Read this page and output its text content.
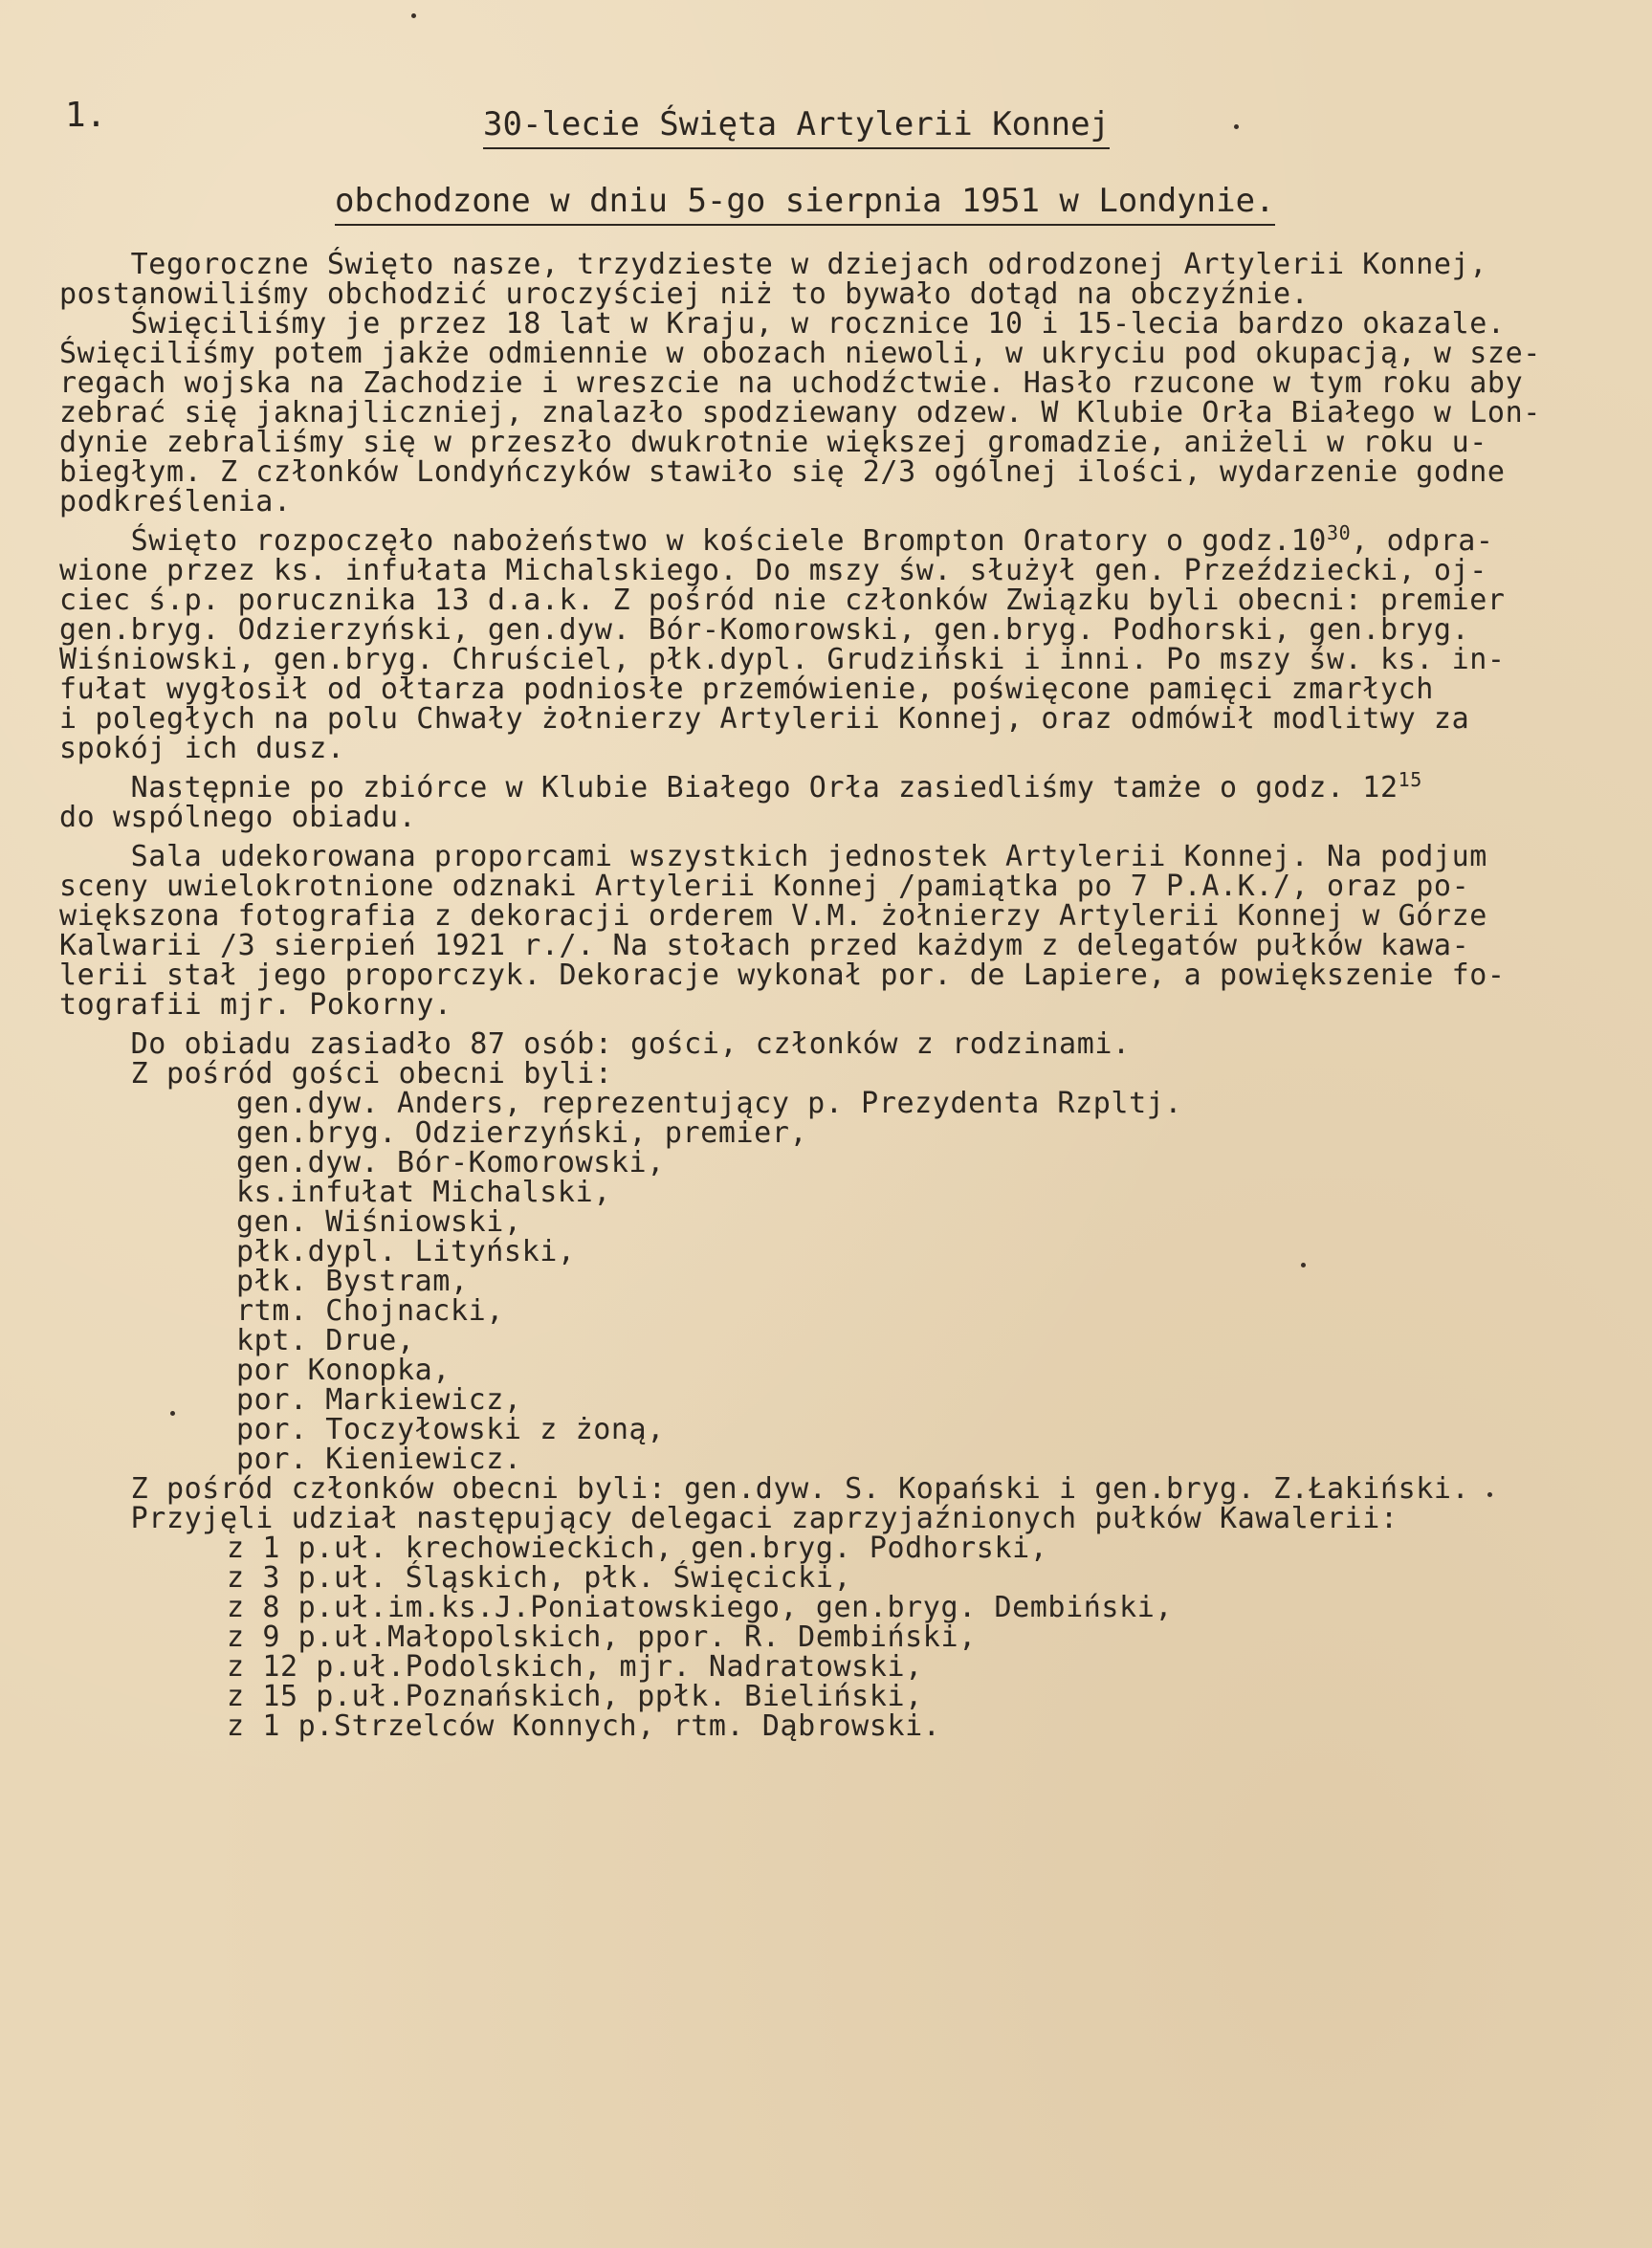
1.	30-lecie Święta Artylerii Konnej
obchodzone w dniu 5-go sierpnia 1951 w Londynie.
Tegoroczne Święto nasze, trzydzieste w dziejach odrodzonej Artylerii Konnej,
postanowiliśmy obchodzić uroczyściej niż to bywało dotąd na obczyźnie.
Święciliśmy je przez 18 lat w Kraju, w rocznice 10 i 15-lecia bardzo okazale.
Święciliśmy potem jakże odmiennie w obozach niewoli, w ukryciu pod okupacją, w sze-
regach wojska na Zachodzie i wreszcie na uchodźctwie. Hasło rzucone w tym roku aby
zebrać się jaknajliczniej, znalazło spodziewany odzew. W Klubie Orła Białego w Lon-
dynie zebraliśmy się w przeszło dwukrotnie większej gromadzie, aniżeli w roku u-
biegłym. Z członków Londyńczyków stawiło się 2/3 ogólnej ilości, wydarzenie godne
podkreślenia.
Święto rozpoczęło nabożeństwo w kościele Brompton Oratory o $godz.10^{30}$, odpra-
wione przez ks. infułata Michalskiego. Do mszy św. służył gen. Przeździecki, oj-
ciec ś.p. porucznika 13 d.a.k. Z pośród nie członków Związku byli obecni: premier
gen.bryg. Odzierzyński, gen.dyw. Bór-Komorowski, gen.bryg. Podhorski, gen.bryg.
Wiśniowski, gen.bryg. Chruściel, płk.dypl. Grudziński i inni. Po mszy św. ks. in-
fułat wygłosił od ołtarza podniosłe przemówienie, poświęcone pamięci zmarłych
i poległych na polu Chwały żołnierzy Artylerii Konnej, oraz odmówił modlitwy za
spokój ich dusz.
Następnie po zbiórce w Klubie Białego Orła zasiedliśmy tamże o godz. $12^{15}$
do wspólnego obiadu.
Sala udekorowana proporcami wszystkich jednostek Artylerii Konnej. Na podjum
sceny uwielokrotnione odznaki Artylerii Konnej /pamiątka po 7 P.A.K./, oraz po-
większona fotografia z dekoracji orderem V.M. żołnierzy Artylerii Konnej w Górze
Kalwarii /3 sierpień 1921 r./. Na stołach przed każdym z delegatów pułków kawa-
lerii stał jego proporczyk. Dekoracje wykonał por. de Lapiere, a powiększenie fo-
tografii mjr. Pokorny.
Do obiadu zasiadło 87 osób: gości, członków z rodzinami.
Z pośród gości obecni byli:
gen.dyw. Anders, reprezentujący p. Prezydenta Rzpltj.
gen.bryg. Odzierzyński, premier,
gen.dyw. Bór-Komorowski,
ks.infułat Michalski,
gen. Wiśniowski,
płk.dypl. Lityński,
płk. Bystram,
rtm. Chojnacki,
kpt. Drue,
por Konopka,
por. Markiewicz,
por. Toczyłowski z żoną,
por. Kieniewicz.
Z pośród członków obecni byli: gen.dyw. S. Kopański i gen.bryg. Z.Łakiński.
Przyjęli udział następujący delegaci zaprzyjaźnionych pułków Kawalerii:
z 1 p.uł. krechowieckich, gen.bryg. Podhorski,
z 3 p.uł. Śląskich, płk. Święcicki,
z 8 p.uł.im.ks.J.Poniatowskiego, gen.bryg. Dembiński,
z 9 p.uł.Małopolskich, ppor. R. Dembiński,
z 12 p.uł.Podolskich, mjr. Nadratowski,
z 15 p.uł.Poznańskich, ppłk. Bieliński,
z 1 p.Strzelców Konnych, rtm. Dąbrowski.
